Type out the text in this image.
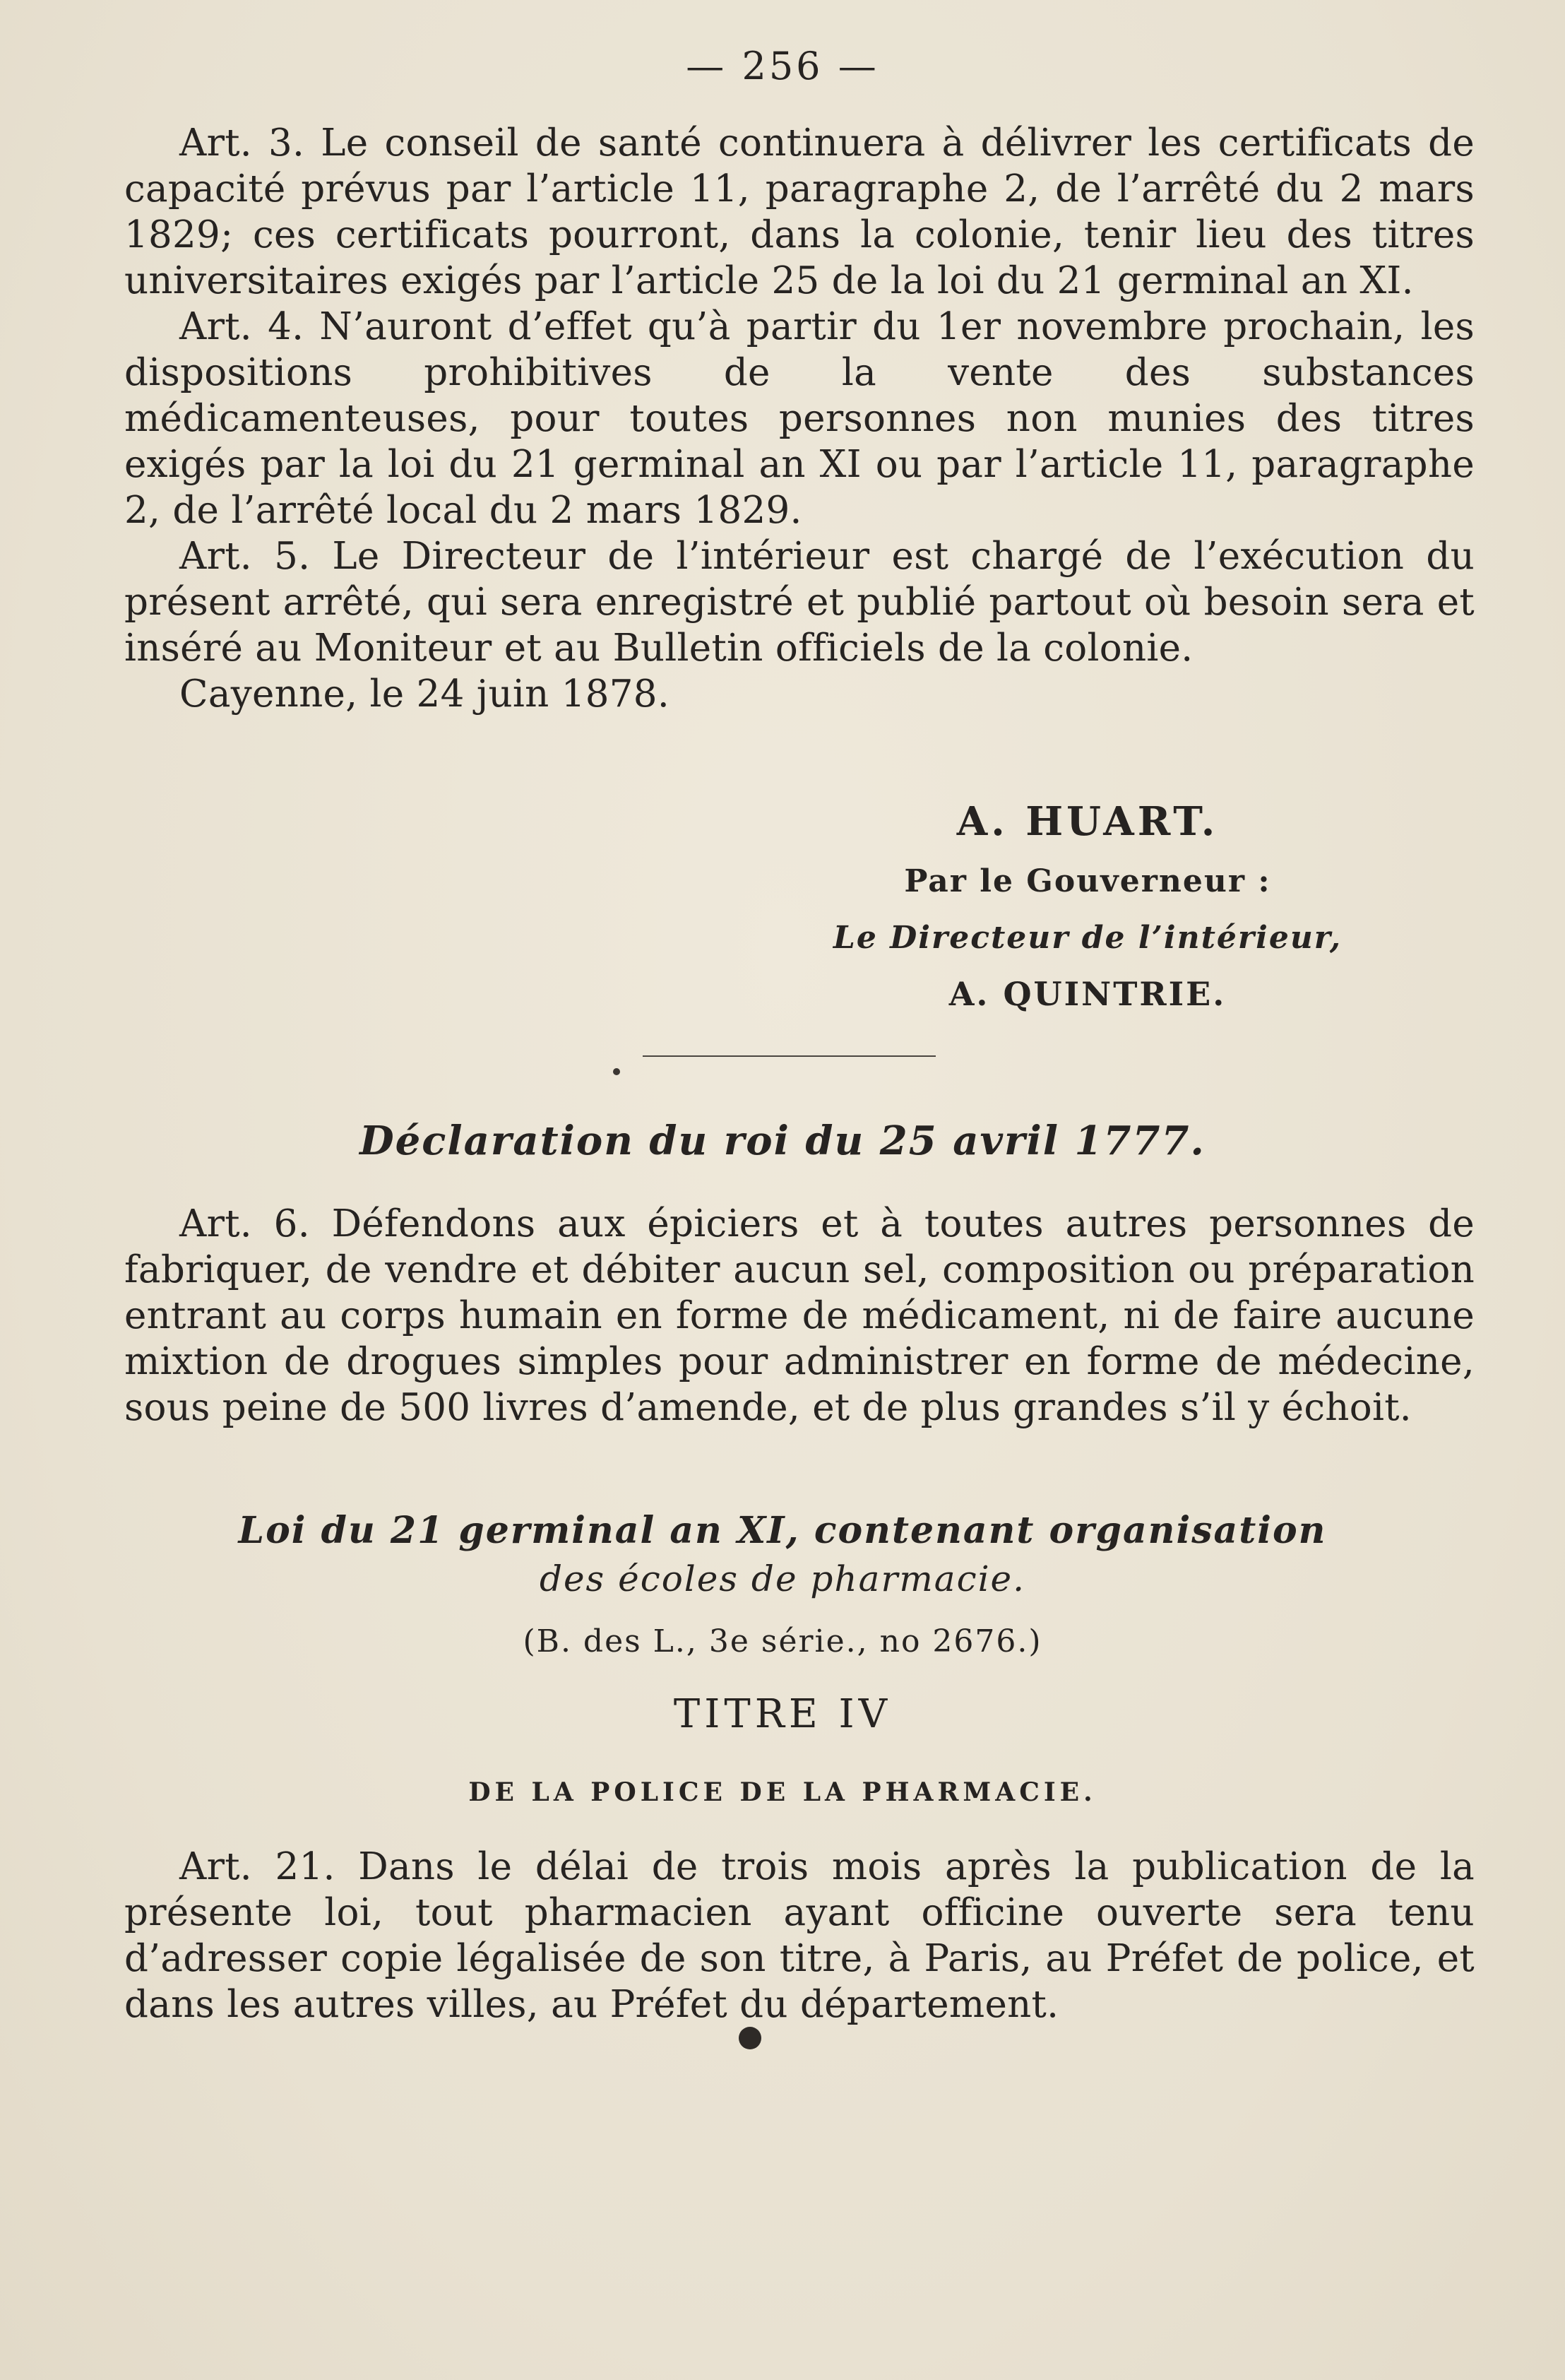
— 256 —

Art. 3. Le conseil de santé continuera à délivrer les certificats de capacité prévus par l’article 11, paragraphe 2, de l’arrêté du 2 mars 1829; ces certificats pourront, dans la colonie, tenir lieu des titres universitaires exigés par l’article 25 de la loi du 21 germinal an XI.

Art. 4. N’auront d’effet qu’à partir du 1er novembre prochain, les dispositions prohibitives de la vente des substances médicamenteuses, pour toutes personnes non munies des titres exigés par la loi du 21 germinal an XI ou par l’article 11, paragraphe 2, de l’arrêté local du 2 mars 1829.

Art. 5. Le Directeur de l’intérieur est chargé de l’exécution du présent arrêté, qui sera enregistré et publié partout où besoin sera et inséré au Moniteur et au Bulletin officiels de la colonie.

Cayenne, le 24 juin 1878.

A. HUART.
Par le Gouverneur :
Le Directeur de l’intérieur,
A. QUINTRIE.
Déclaration du roi du 25 avril 1777.

Art. 6. Défendons aux épiciers et à toutes autres personnes de fabriquer, de vendre et débiter aucun sel, composition ou préparation entrant au corps humain en forme de médicament, ni de faire aucune mixtion de drogues simples pour administrer en forme de médecine, sous peine de 500 livres d’amende, et de plus grandes s’il y échoit.

Loi du 21 germinal an XI, contenant organisation
des écoles de pharmacie.
(B. des L., 3e série., no 2676.)
TITRE IV
DE LA POLICE DE LA PHARMACIE.

Art. 21. Dans le délai de trois mois après la publication de la présente loi, tout pharmacien ayant officine ouverte sera tenu d’adresser copie légalisée de son titre, à Paris, au Préfet de police, et dans les autres villes, au Préfet du département.
